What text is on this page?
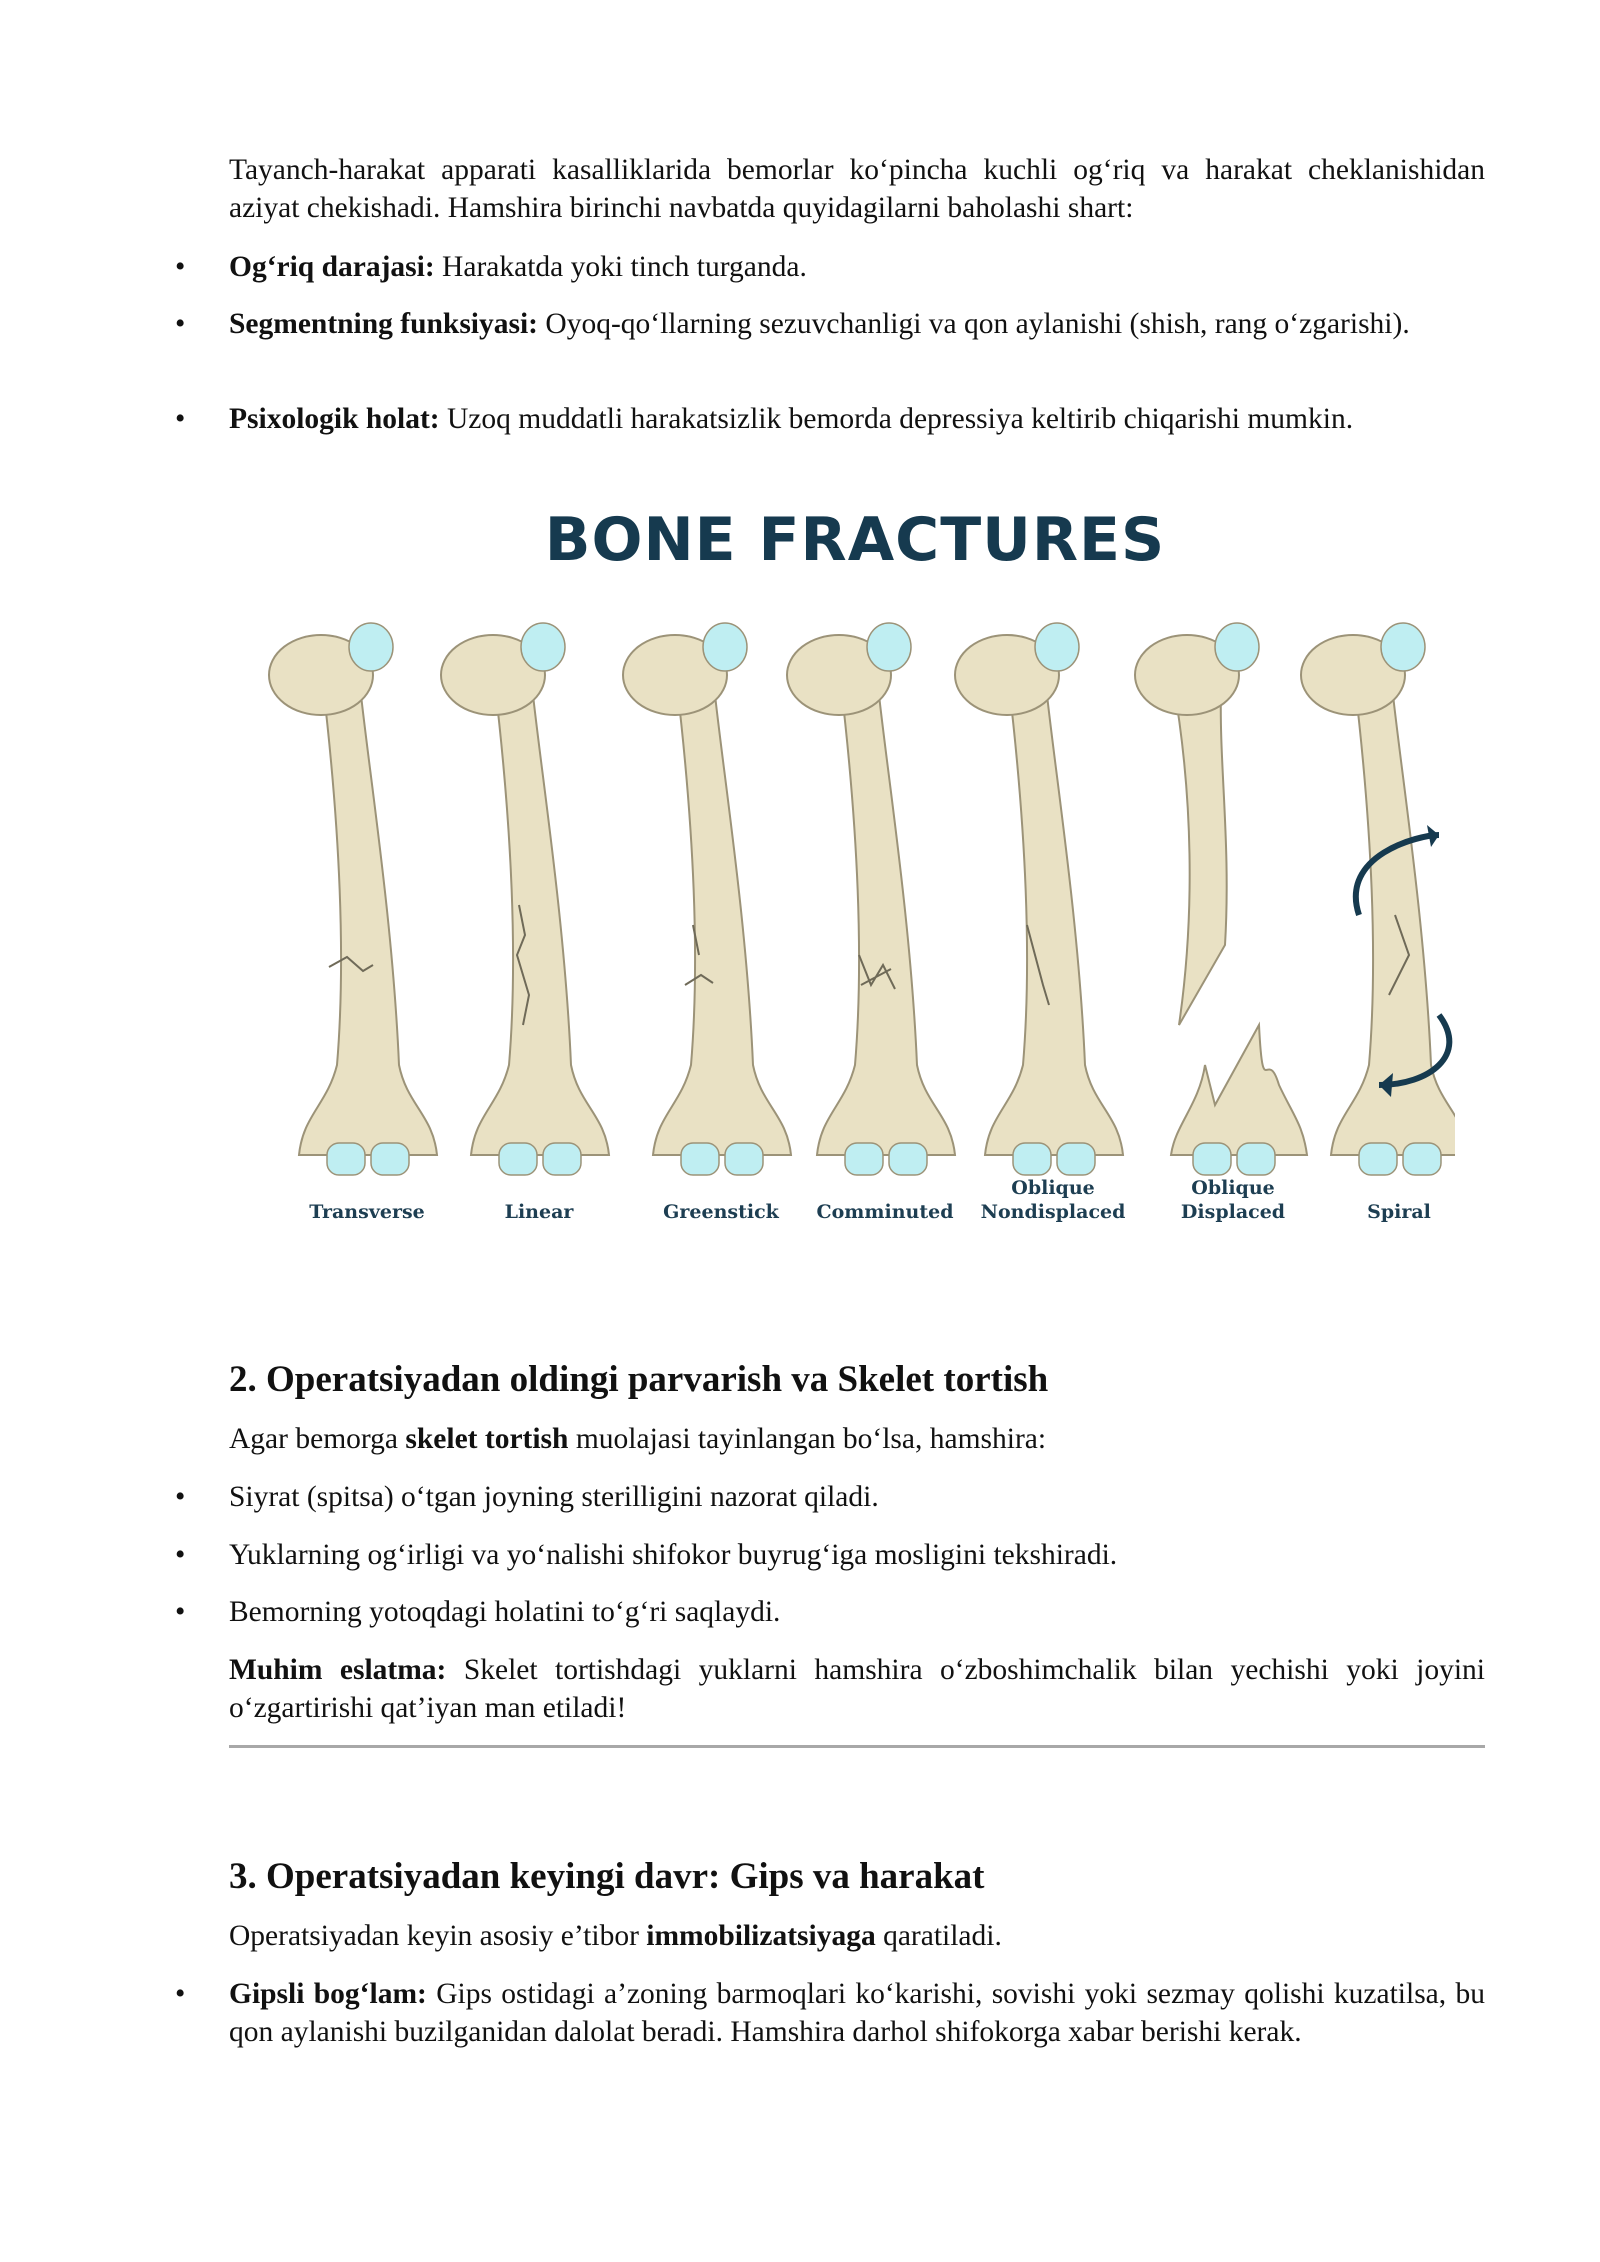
Tayanch-harakat apparati kasalliklarida bemorlar ko‘pincha kuchli og‘riq va harakat cheklanishidan aziyat chekishadi. Hamshira birinchi navbatda quyidagilarni baholashi shart:

• Og‘riq darajasi: Harakatda yoki tinch turganda.
• Segmentning funksiyasi: Oyoq-qo‘llarning sezuvchanligi va qon aylanishi (shish, rang o‘zgarishi).
• Psixologik holat: Uzoq muddatli harakatsizlik bemorda depressiya keltirib chiqarishi mumkin.
BONE FRACTURES
Transverse	Linear	Greenstick	Comminuted
Oblique
Nondisplaced
Oblique
Displaced	Spiral
2. Operatsiyadan oldingi parvarish va Skelet tortish

Agar bemorga skelet tortish muolajasi tayinlangan bo‘lsa, hamshira:

• Siyrat (spitsa) o‘tgan joyning sterilligini nazorat qiladi.
• Yuklarning og‘irligi va yo‘nalishi shifokor buyrug‘iga mosligini tekshiradi.
• Bemorning yotoqdagi holatini to‘g‘ri saqlaydi.

Muhim eslatma: Skelet tortishdagi yuklarni hamshira o‘zboshimchalik bilan yechishi yoki joyini o‘zgartirishi qat’iyan man etiladi!

3. Operatsiyadan keyingi davr: Gips va harakat

Operatsiyadan keyin asosiy e’tibor immobilizatsiyaga qaratiladi.

• Gipsli bog‘lam: Gips ostidagi a’zoning barmoqlari ko‘karishi, sovishi yoki sezmay qolishi kuzatilsa, bu qon aylanishi buzilganidan dalolat beradi. Hamshira darhol shifokorga xabar berishi kerak.
